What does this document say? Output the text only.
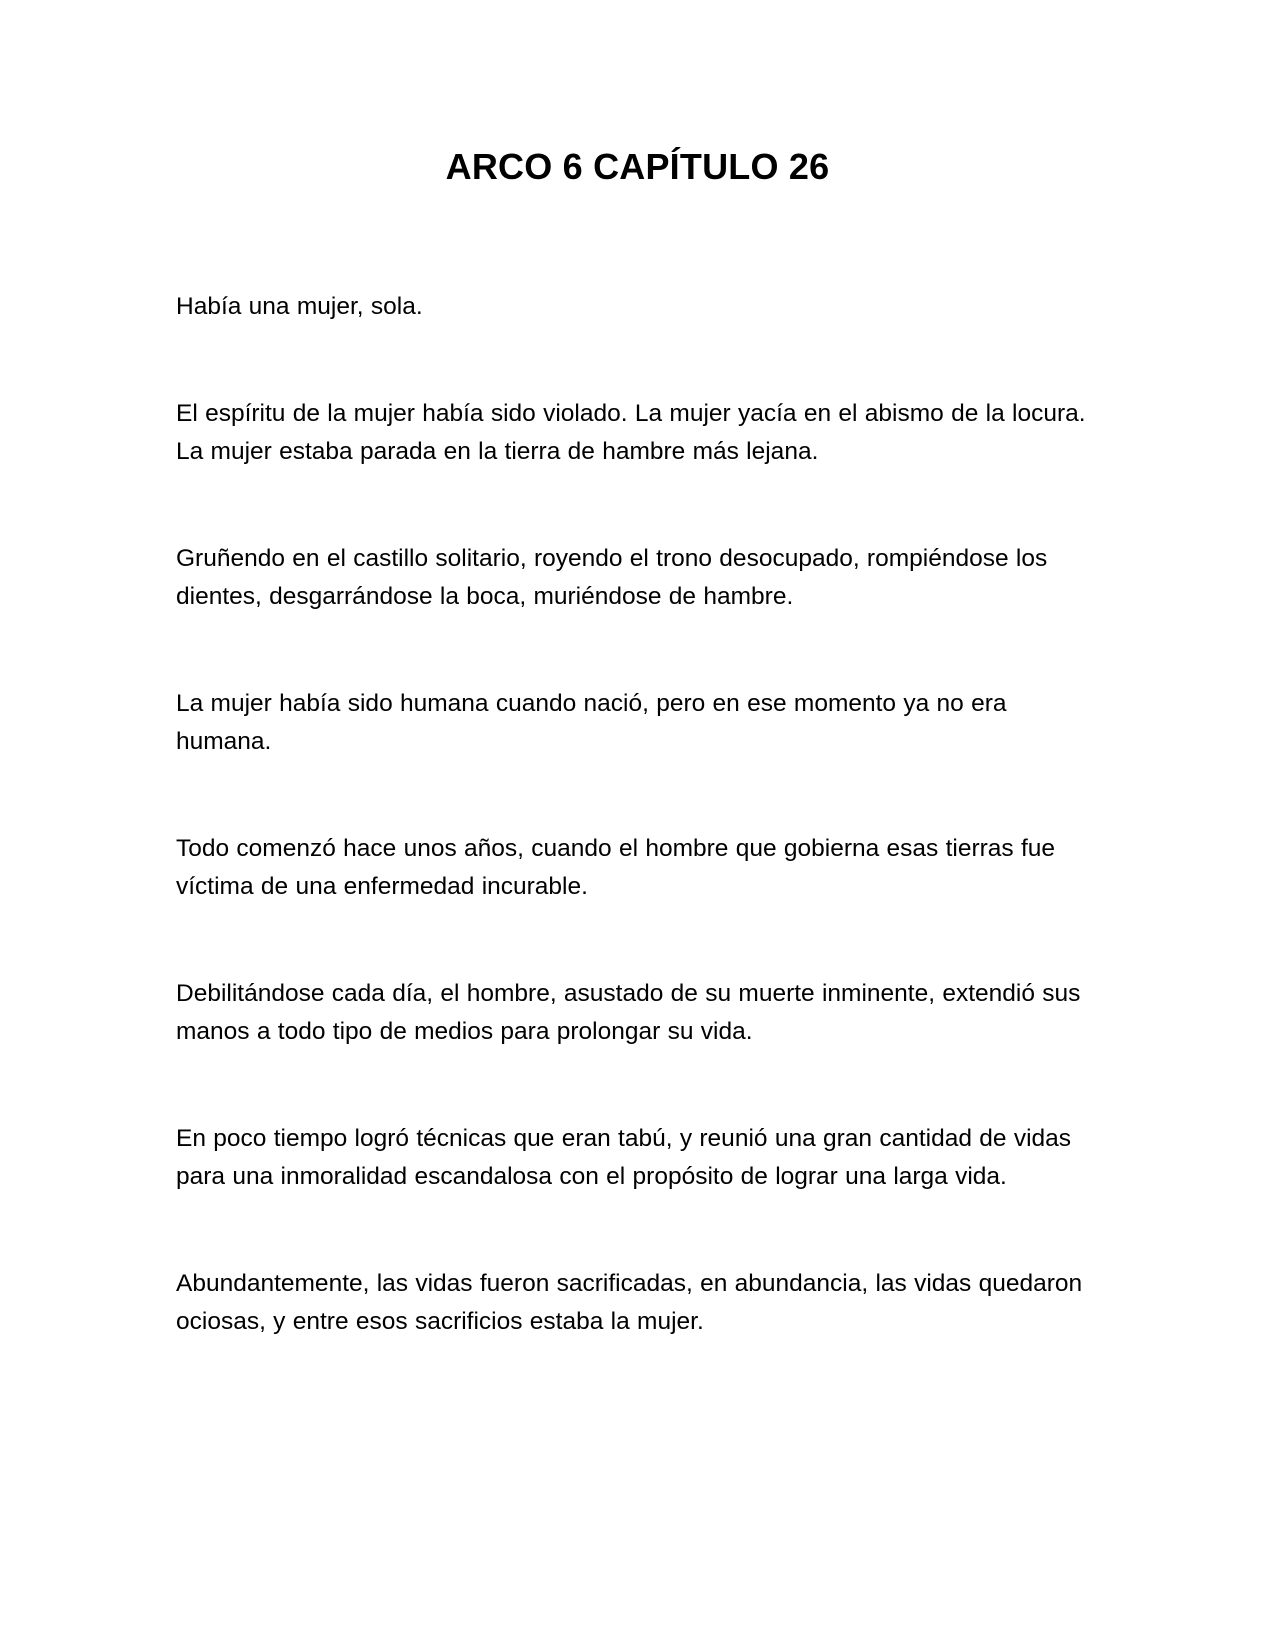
ARCO 6 CAPÍTULO 26

Había una mujer, sola.

El espíritu de la mujer había sido violado. La mujer yacía en el abismo de la locura. La mujer estaba parada en la tierra de hambre más lejana.

Gruñendo en el castillo solitario, royendo el trono desocupado, rompiéndose los dientes, desgarrándose la boca, muriéndose de hambre.

La mujer había sido humana cuando nació, pero en ese momento ya no era humana.

Todo comenzó hace unos años, cuando el hombre que gobierna esas tierras fue víctima de una enfermedad incurable.

Debilitándose cada día, el hombre, asustado de su muerte inminente, extendió sus manos a todo tipo de medios para prolongar su vida.

En poco tiempo logró técnicas que eran tabú, y reunió una gran cantidad de vidas para una inmoralidad escandalosa con el propósito de lograr una larga vida.

Abundantemente, las vidas fueron sacrificadas, en abundancia, las vidas quedaron ociosas, y entre esos sacrificios estaba la mujer.
